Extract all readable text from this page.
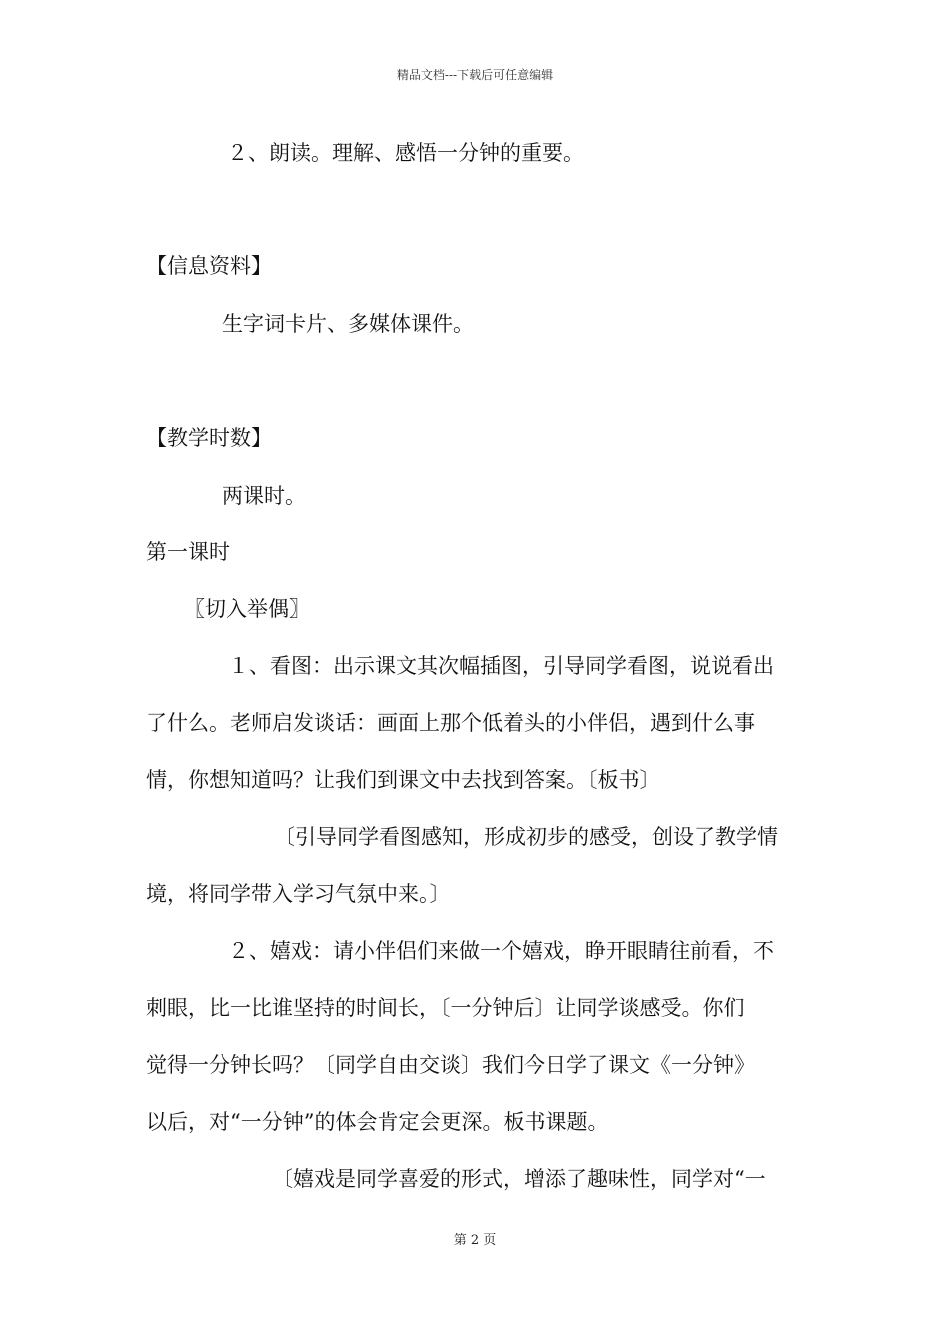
精品文档---下载后可任意编辑
２、朗读。理解、感悟一分钟的重要。
【信息资料】
生字词卡片、多媒体课件。
【教学时数】
两课时。
第一课时
〖切入举偶〗
１、看图：出示课文其次幅插图，引导同学看图，说说看出
了什么。老师启发谈话：画面上那个低着头的小伴侣，遇到什么事
情，你想知道吗？让我们到课文中去找到答案。〔板书〕
〔引导同学看图感知，形成初步的感受，创设了教学情
境，将同学带入学习气氛中来。〕
２、嬉戏：请小伴侣们来做一个嬉戏，睁开眼睛往前看，不
刺眼，比一比谁坚持的时间长，〔一分钟后〕让同学谈感受。你们
觉得一分钟长吗？〔同学自由交谈〕我们今日学了课文《一分钟》
以后，对“一分钟”的体会肯定会更深。板书课题。
〔嬉戏是同学喜爱的形式，增添了趣味性，同学对“一
第 2 页
